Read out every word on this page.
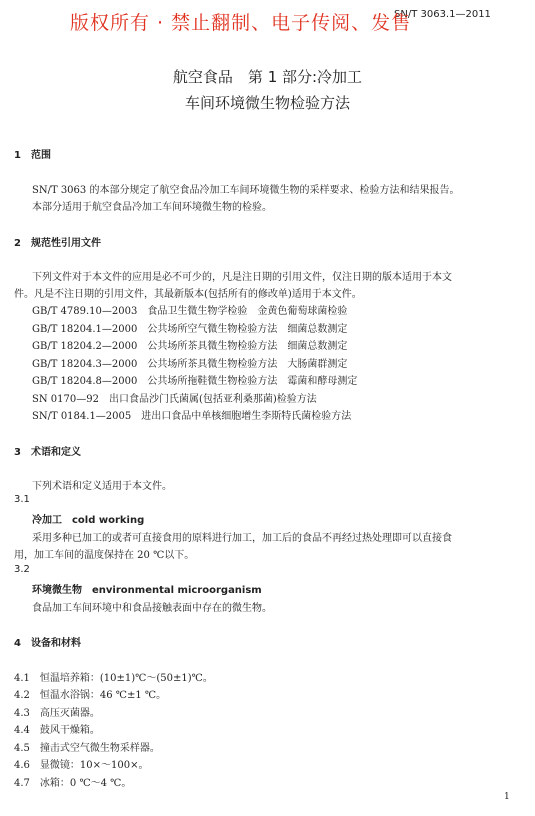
SN/T 3063.1—2011
版权所有 · 禁止翻制、电子传阅、发售
航空食品　第 1 部分:冷加工
车间环境微生物检验方法
1　范围
SN/T 3063 的本部分规定了航空食品冷加工车间环境微生物的采样要求、检验方法和结果报告。
本部分适用于航空食品冷加工车间环境微生物的检验。
2　规范性引用文件
下列文件对于本文件的应用是必不可少的，凡是注日期的引用文件，仅注日期的版本适用于本文
件。凡是不注日期的引用文件，其最新版本(包括所有的修改单)适用于本文件。
GB/T 4789.10—2003　食品卫生微生物学检验　金黄色葡萄球菌检验
GB/T 18204.1—2000　公共场所空气微生物检验方法　细菌总数测定
GB/T 18204.2—2000　公共场所茶具微生物检验方法　细菌总数测定
GB/T 18204.3—2000　公共场所茶具微生物检验方法　大肠菌群测定
GB/T 18204.8—2000　公共场所拖鞋微生物检验方法　霉菌和酵母测定
SN 0170—92　出口食品沙门氏菌属(包括亚利桑那菌)检验方法
SN/T 0184.1—2005　进出口食品中单核细胞增生李斯特氏菌检验方法
3　术语和定义
下列术语和定义适用于本文件。
3.1
冷加工　cold working
采用多种已加工的或者可直接食用的原料进行加工，加工后的食品不再经过热处理即可以直接食
用，加工车间的温度保持在 20 ℃以下。
3.2
环境微生物　environmental microorganism
食品加工车间环境中和食品接触表面中存在的微生物。
4　设备和材料
4.1　恒温培养箱：(10±1)℃～(50±1)℃。
4.2　恒温水浴锅：46 ℃±1 ℃。
4.3　高压灭菌器。
4.4　鼓风干燥箱。
4.5　撞击式空气微生物采样器。
4.6　显微镜：10×～100×。
4.7　冰箱：0 ℃～4 ℃。
1
